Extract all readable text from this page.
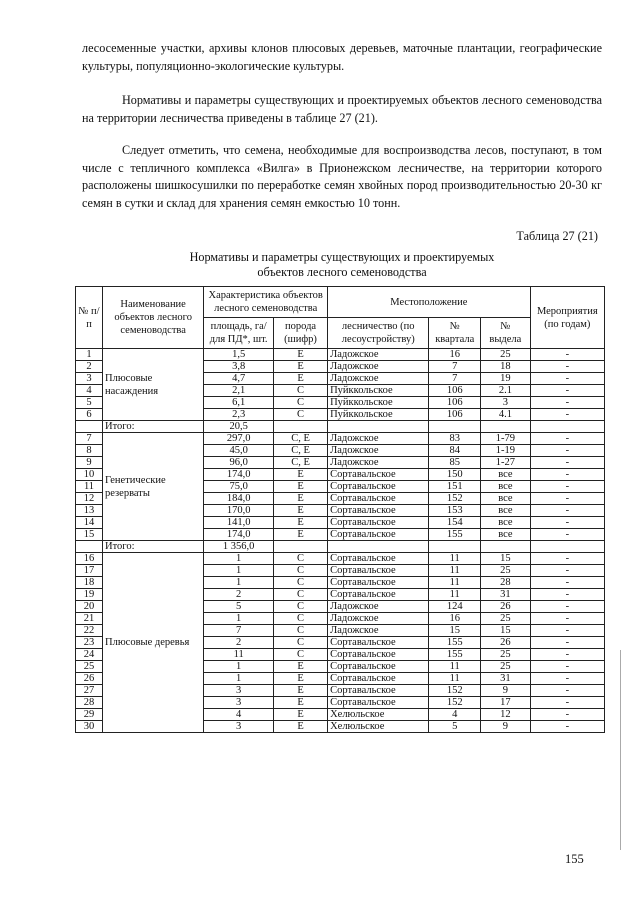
лесосеменные участки, архивы клонов плюсовых деревьев, маточные плантации, географические культуры, популяционно-экологические культуры.
Нормативы и параметры существующих и проектируемых объектов лесного семеноводства на территории лесничества приведены в таблице 27 (21).
Следует отметить, что семена, необходимые для воспроизводства лесов, поступают, в том числе с тепличного комплекса «Вилга» в Прионежском лесничестве, на территории которого расположены шишкосушилки по переработке семян хвойных пород производительностью 20-30 кг семян в сутки и склад для хранения семян емкостью 10 тонн.
Таблица 27 (21)
Нормативы и параметры существующих и проектируемых
объектов лесного семеноводства
№ п/п	Наименование объектов лесного семеноводства	Характеристика объектов лесного семеноводства		Местоположение			Мероприятия (по годам)
		площадь, га/ для ПД*, шт.	порода (шифр)	лесничество (по лесоустройству)	№ квартала	№ выдела	
1	Плюсовые насаждения	1,5	Е	Ладожское	16	25	-
2		3,8	Е	Ладожское	7	18	-
3		4,7	Е	Ладожское	7	19	-
4		2,1	С	Пуйккольское	106	2.1	-
5		6,1	С	Пуйккольское	106	3	-
6		2,3	С	Пуйккольское	106	4.1	-
	Итого:	20,5					
7	Генетические резерваты	297,0	С, Е	Ладожское	83	1-79	-
8		45,0	С, Е	Ладожское	84	1-19	-
9		96,0	С, Е	Ладожское	85	1-27	-
10		174,0	Е	Сортавальское	150	все	-
11		75,0	Е	Сортавальское	151	все	-
12		184,0	Е	Сортавальское	152	все	-
13		170,0	Е	Сортавальское	153	все	-
14		141,0	Е	Сортавальское	154	все	-
15		174,0	Е	Сортавальское	155	все	-
	Итого:	1 356,0					
16	Плюсовые деревья	1	С	Сортавальское	11	15	-
17		1	С	Сортавальское	11	25	-
18		1	С	Сортавальское	11	28	-
19		2	С	Сортавальское	11	31	-
20		5	С	Ладожское	124	26	-
21		1	С	Ладожское	16	25	-
22		7	С	Ладожское	15	15	-
23		2	С	Сортавальское	155	26	-
24		11	С	Сортавальское	155	25	-
25		1	Е	Сортавальское	11	25	-
26		1	Е	Сортавальское	11	31	-
27		3	Е	Сортавальское	152	9	-
28		3	Е	Сортавальское	152	17	-
29		4	Е	Хелюльское	4	12	-
30		3	Е	Хелюльское	5	9	-
155
